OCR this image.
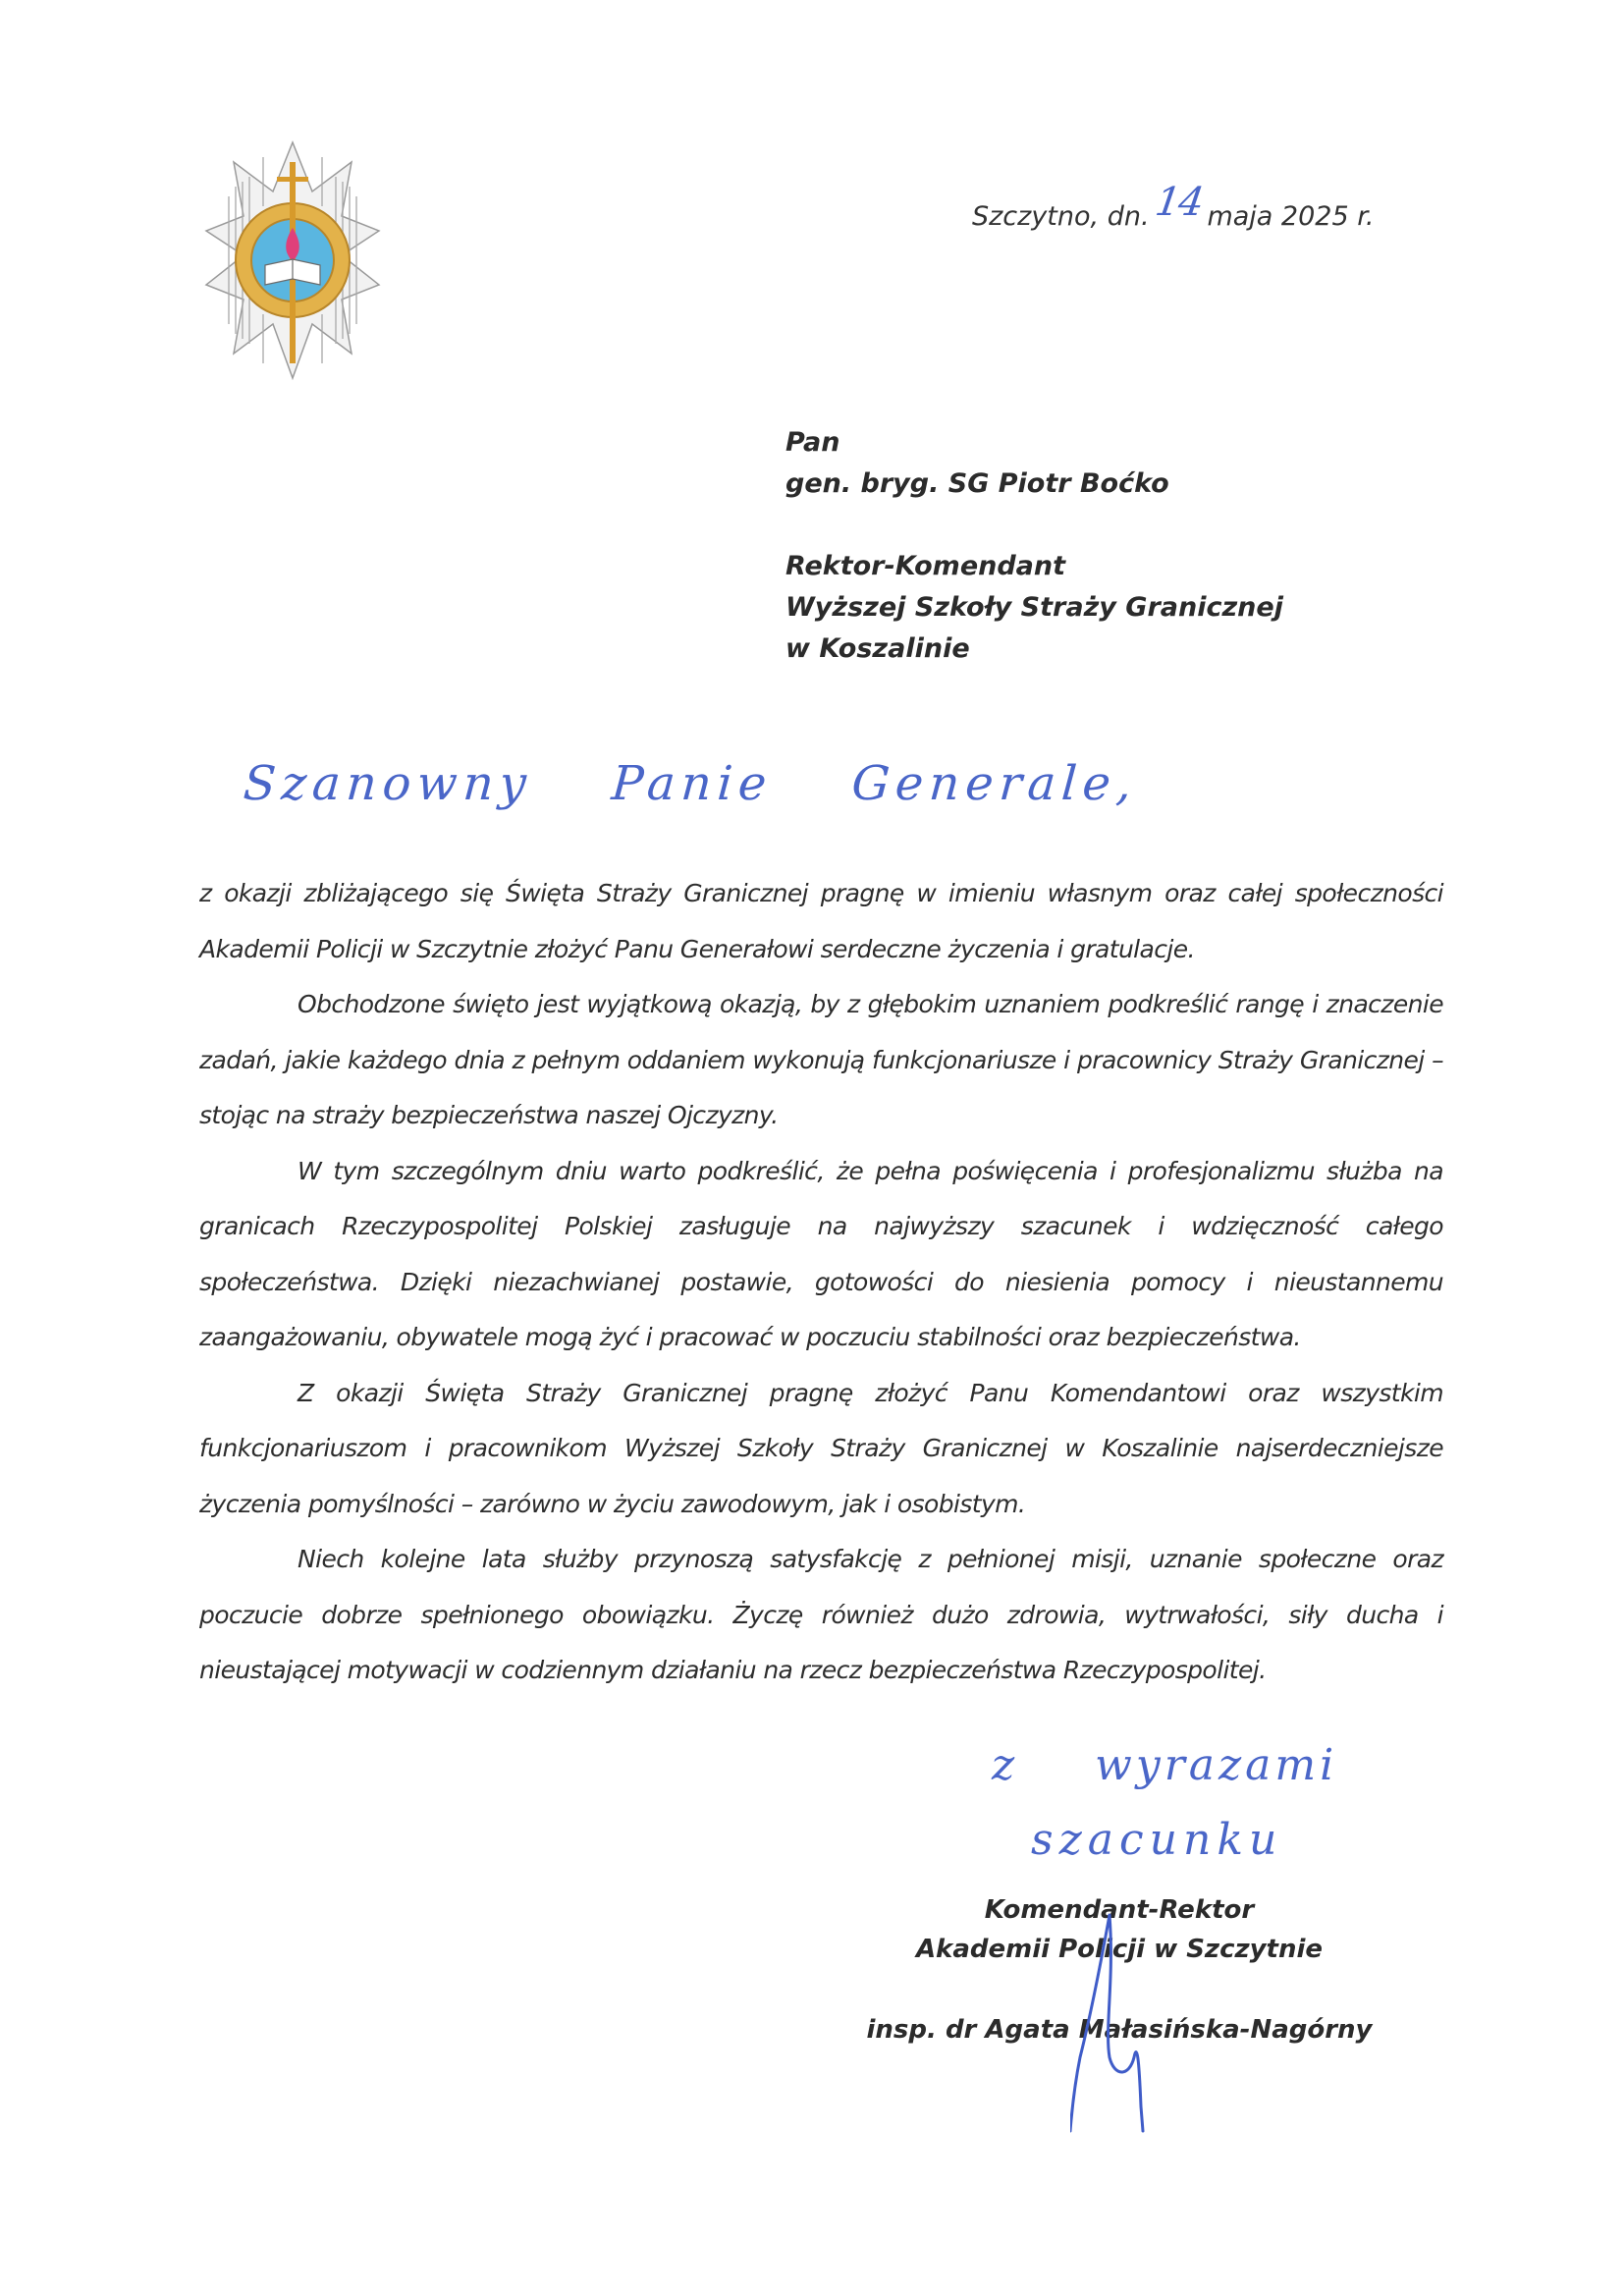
Szczytno, dn.14 maja 2025 r.
Pan
gen. bryg. SG Piotr Boćko
Rektor-Komendant
Wyższej Szkoły Straży Granicznej
w Koszalinie
Szanowny Panie Generale,

z okazji zbliżającego się Święta Straży Granicznej pragnę w imieniu własnym oraz całej społeczności Akademii Policji w Szczytnie złożyć Panu Generałowi serdeczne życzenia i gratulacje.

Obchodzone święto jest wyjątkową okazją, by z głębokim uznaniem podkreślić rangę i znaczenie zadań, jakie każdego dnia z pełnym oddaniem wykonują funkcjonariusze i pracownicy Straży Granicznej – stojąc na straży bezpieczeństwa naszej Ojczyzny.

W tym szczególnym dniu warto podkreślić, że pełna poświęcenia i profesjonalizmu służba na granicach Rzeczypospolitej Polskiej zasługuje na najwyższy szacunek i wdzięczność całego społeczeństwa. Dzięki niezachwianej postawie, gotowości do niesienia pomocy i nieustannemu zaangażowaniu, obywatele mogą żyć i pracować w poczuciu stabilności oraz bezpieczeństwa.

Z okazji Święta Straży Granicznej pragnę złożyć Panu Komendantowi oraz wszystkim funkcjonariuszom i pracownikom Wyższej Szkoły Straży Granicznej w Koszalinie najserdeczniejsze życzenia pomyślności – zarówno w życiu zawodowym, jak i osobistym.

Niech kolejne lata służby przynoszą satysfakcję z pełnionej misji, uznanie społeczne oraz poczucie dobrze spełnionego obowiązku. Życzę również dużo zdrowia, wytrwałości, siły ducha i nieustającej motywacji w codziennym działaniu na rzecz bezpieczeństwa Rzeczypospolitej.

z wyrazami
szacunku
Komendant-Rektor
Akademii Policji w Szczytnie
insp. dr Agata Małasińska-Nagórny
